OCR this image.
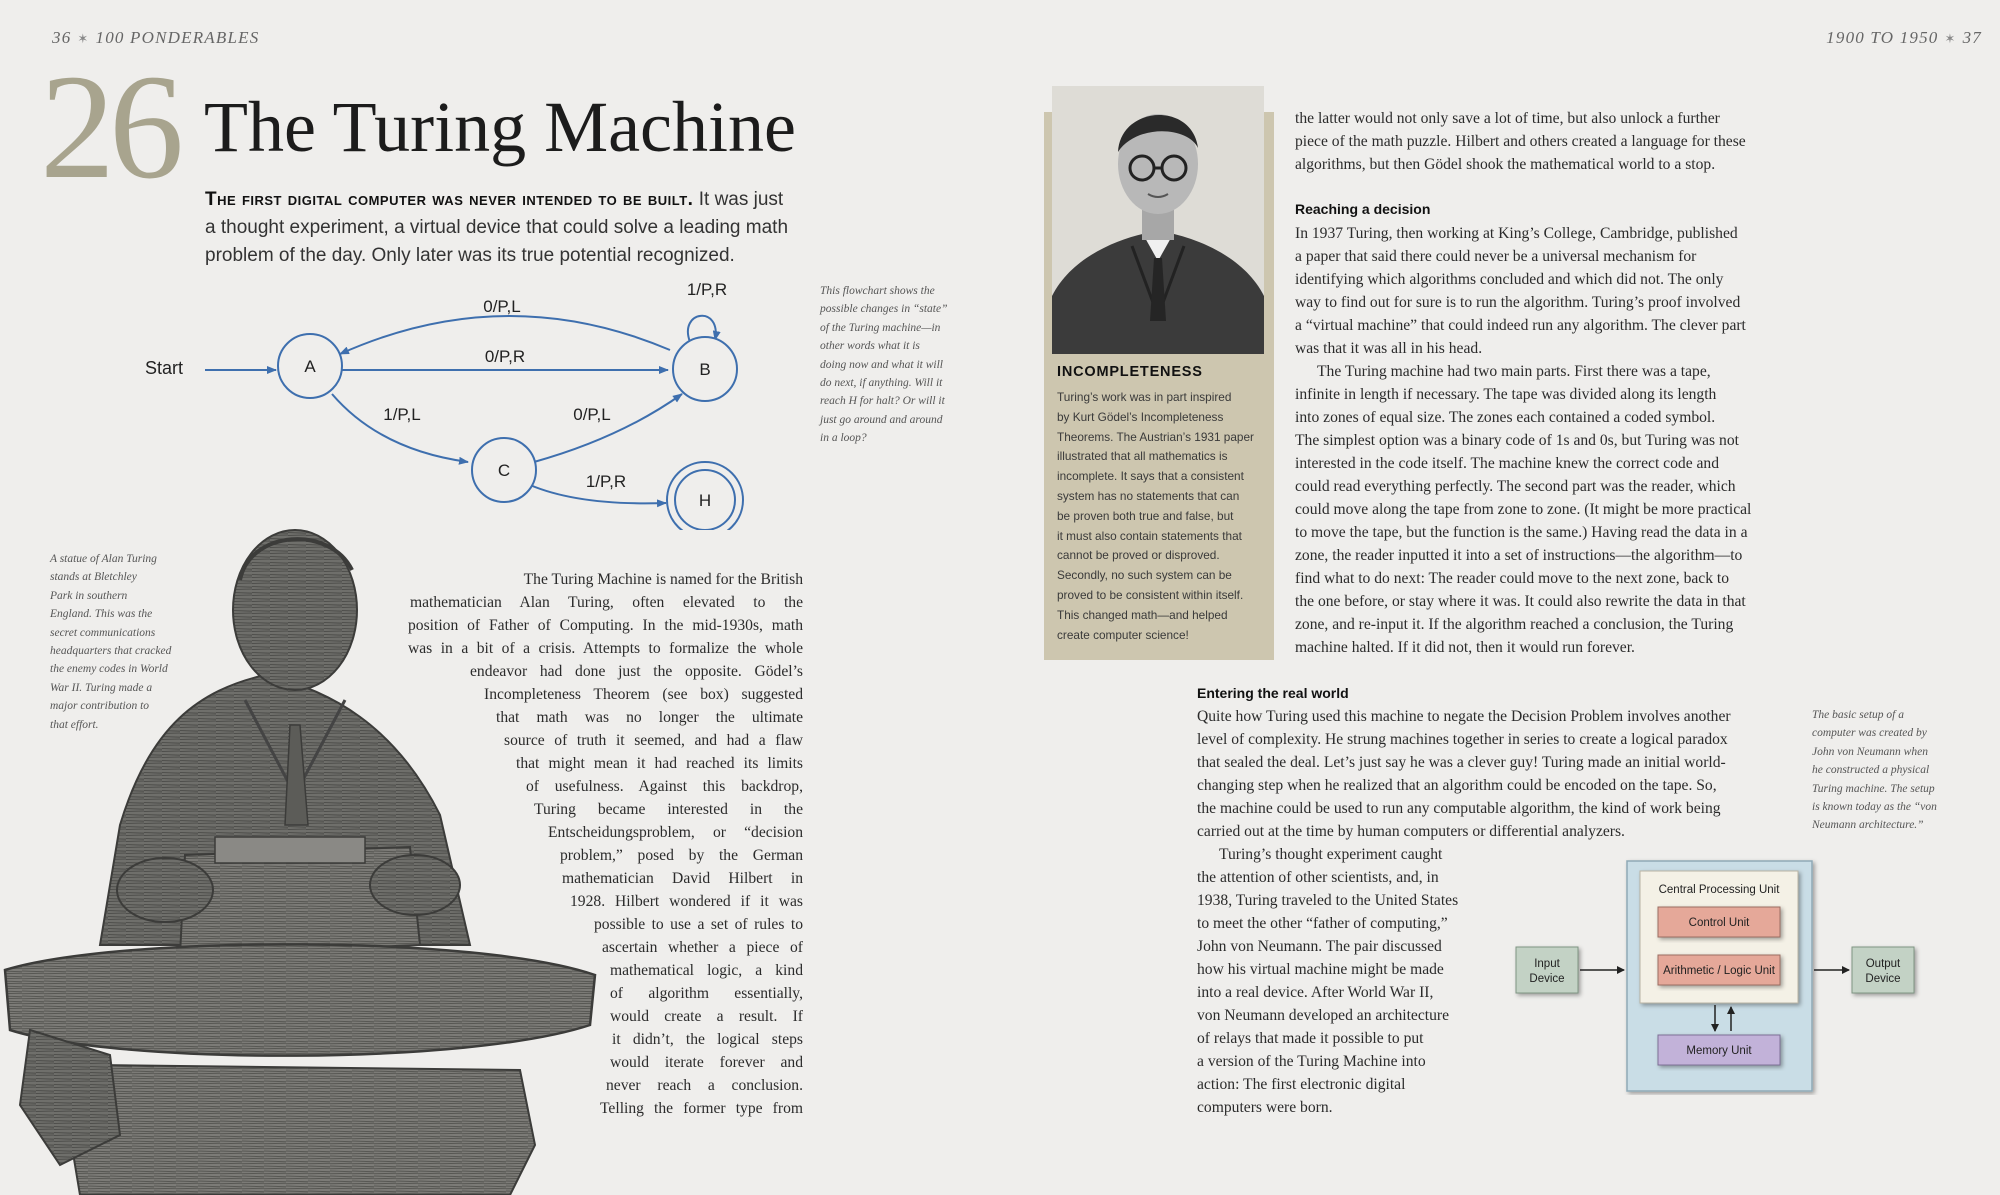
36 ✶ 100 PONDERABLES	1900 TO 1950 ✶ 37
26 The Turing Machine
The first digital computer was never intended to be built. It was just a thought experiment, a virtual device that could solve a leading math problem of the day. Only later was its true potential recognized.
Start	A	B
C
H
0/P,L
0/P,R
1/P,R
1/P,L	0/P,L
1/P,R
This flowchart shows the
possible changes in “state”
of the Turing machine—in
other words what it is
doing now and what it will
do next, if anything. Will it
reach H for halt? Or will it
just go around and around
in a loop?
A statue of Alan Turing
stands at Bletchley
Park in southern
England. This was the
secret communications
headquarters that cracked
the enemy codes in World
War II. Turing made a
major contribution to
that effort.
The Turing Machine is named for the British
mathematician Alan Turing, often elevated to the
position of Father of Computing. In the mid-1930s, math
was in a bit of a crisis. Attempts to formalize the whole
endeavor had done just the opposite. Gödel’s
Incompleteness Theorem (see box) suggested
that math was no longer the ultimate
source of truth it seemed, and had a flaw
that might mean it had reached its limits
of usefulness. Against this backdrop,
Turing became interested in the
Entscheidungsproblem, or “decision
problem,” posed by the German
mathematician David Hilbert in
1928. Hilbert wondered if it was
possible to use a set of rules to
ascertain whether a piece of
mathematical logic, a kind
of algorithm essentially,
would create a result. If
it didn’t, the logical steps
would iterate forever and
never reach a conclusion.
Telling the former type from
INCOMPLETENESS
Turing’s work was in part inspired
by Kurt Gödel’s Incompleteness
Theorems. The Austrian’s 1931 paper
illustrated that all mathematics is
incomplete. It says that a consistent
system has no statements that can
be proven both true and false, but
it must also contain statements that
cannot be proved or disproved.
Secondly, no such system can be
proved to be consistent within itself.
This changed math—and helped
create computer science!
the latter would not only save a lot of time, but also unlock a further
piece of the math puzzle. Hilbert and others created a language for these
algorithms, but then Gödel shook the mathematical world to a stop.
In 1937 Turing, then working at King’s College, Cambridge, published
a paper that said there could never be a universal mechanism for
identifying which algorithms concluded and which did not. The only
way to find out for sure is to run the algorithm. Turing’s proof involved
a “virtual machine” that could indeed run any algorithm. The clever part
was that it was all in his head.
The Turing machine had two main parts. First there was a tape,
infinite in length if necessary. The tape was divided along its length
into zones of equal size. The zones each contained a coded symbol.
The simplest option was a binary code of 1s and 0s, but Turing was not
interested in the code itself. The machine knew the correct code and
could read everything perfectly. The second part was the reader, which
could move along the tape from zone to zone. (It might be more practical
to move the tape, but the function is the same.) Having read the data in a
zone, the reader inputted it into a set of instructions—the algorithm—to
find what to do next: The reader could move to the next zone, back to
the one before, or stay where it was. It could also rewrite the data in that
zone, and re-input it. If the algorithm reached a conclusion, the Turing
machine halted. If it did not, then it would run forever.
Quite how Turing used this machine to negate the Decision Problem involves another
level of complexity. He strung machines together in series to create a logical paradox
that sealed the deal. Let’s just say he was a clever guy! Turing made an initial world-
changing step when he realized that an algorithm could be encoded on the tape. So,
the machine could be used to run any computable algorithm, the kind of work being
carried out at the time by human computers or differential analyzers.
Turing’s thought experiment caught
the attention of other scientists, and, in
1938, Turing traveled to the United States
to meet the other “father of computing,”
John von Neumann. The pair discussed
how his virtual machine might be made
into a real device. After World War II,
von Neumann developed an architecture
of relays that made it possible to put
a version of the Turing Machine into
action: The first electronic digital
computers were born.
Reaching a decision
Entering the real world
Central Processing Unit
Control Unit
Arithmetic / Logic Unit
Memory Unit
Input
Device
Output
Device
The basic setup of a
computer was created by
John von Neumann when
he constructed a physical
Turing machine. The setup
is known today as the “von
Neumann architecture.”
